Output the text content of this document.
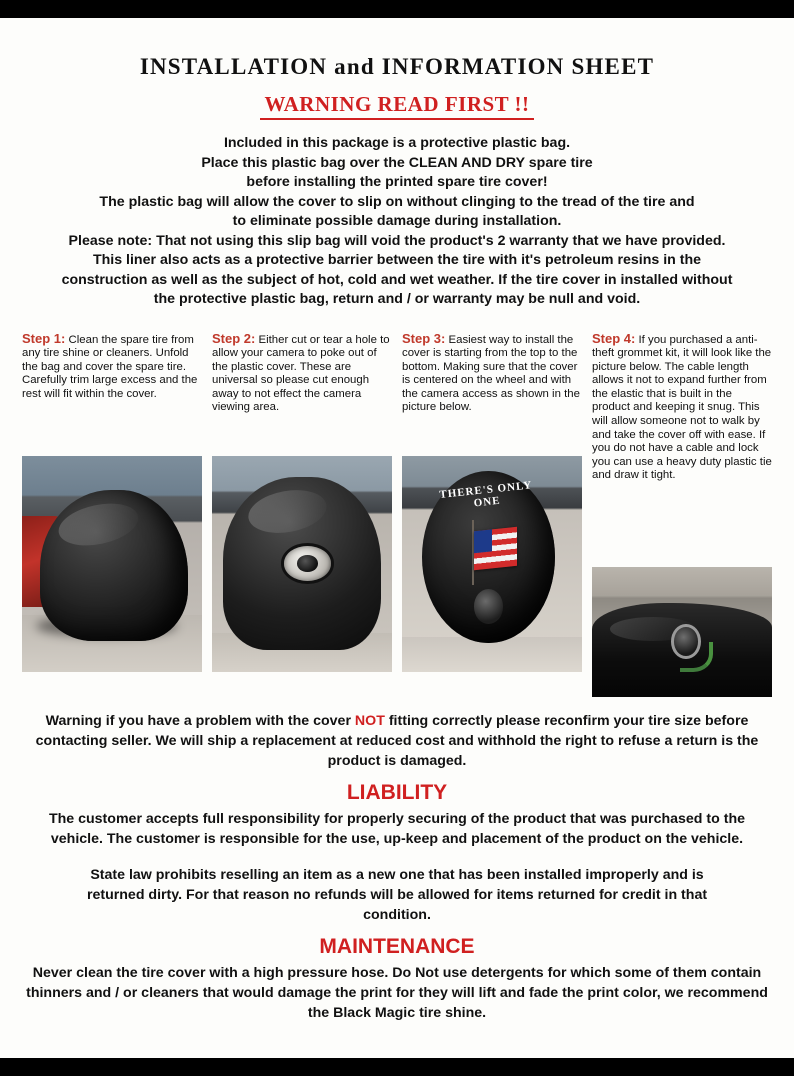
INSTALLATION and INFORMATION SHEET
WARNING READ FIRST !!
Included in this package is a protective plastic bag.
Place this plastic bag over the CLEAN AND DRY spare tire
before installing the printed spare tire cover!
The plastic bag will allow the cover to slip on without clinging to the tread of the tire and
to eliminate possible damage during installation.
Please note: That not using this slip bag will void the product's 2 warranty that we have provided.
This liner also acts as a protective barrier between the tire with it's petroleum resins in the
construction as well as the subject of hot, cold and wet weather. If the tire cover in installed without
the protective plastic bag, return and / or warranty may be null and void.
Step 1: Clean the spare tire from any tire shine or cleaners. Unfold the bag and cover the spare tire. Carefully trim large excess and the rest will fit within the cover.
Step 2: Either cut or tear a hole to allow your camera to poke out of the plastic cover. These are universal so please cut enough away to not effect the camera viewing area.
Step 3: Easiest way to install the cover is starting from the top to the bottom. Making sure that the cover is centered on the wheel and with the camera access as shown in the picture below.
THERE'S ONLY ONE
Step 4: If you purchased a anti-theft grommet kit, it will look like the picture below. The cable length allows it not to expand further from the elastic that is built in the product and keeping it snug. This will allow someone not to walk by and take the cover off with ease. If you do not have a cable and lock you can use a heavy duty plastic tie and draw it tight.
Warning if you have a problem with the cover NOT fitting correctly please reconfirm your tire size before contacting seller. We will ship a replacement at reduced cost and withhold the right to refuse a return is the product is damaged.
LIABILITY
The customer accepts full responsibility for properly securing of the product that was purchased to the vehicle. The customer is responsible for the use, up-keep and placement of the product on the vehicle.
State law prohibits reselling an item as a new one that has been installed improperly and is returned dirty. For that reason no refunds will be allowed for items returned for credit in that condition.
MAINTENANCE
Never clean the tire cover with a high pressure hose. Do Not use detergents for which some of them contain thinners and / or cleaners that would damage the print for they will lift and fade the print color, we recommend the Black Magic tire shine.
